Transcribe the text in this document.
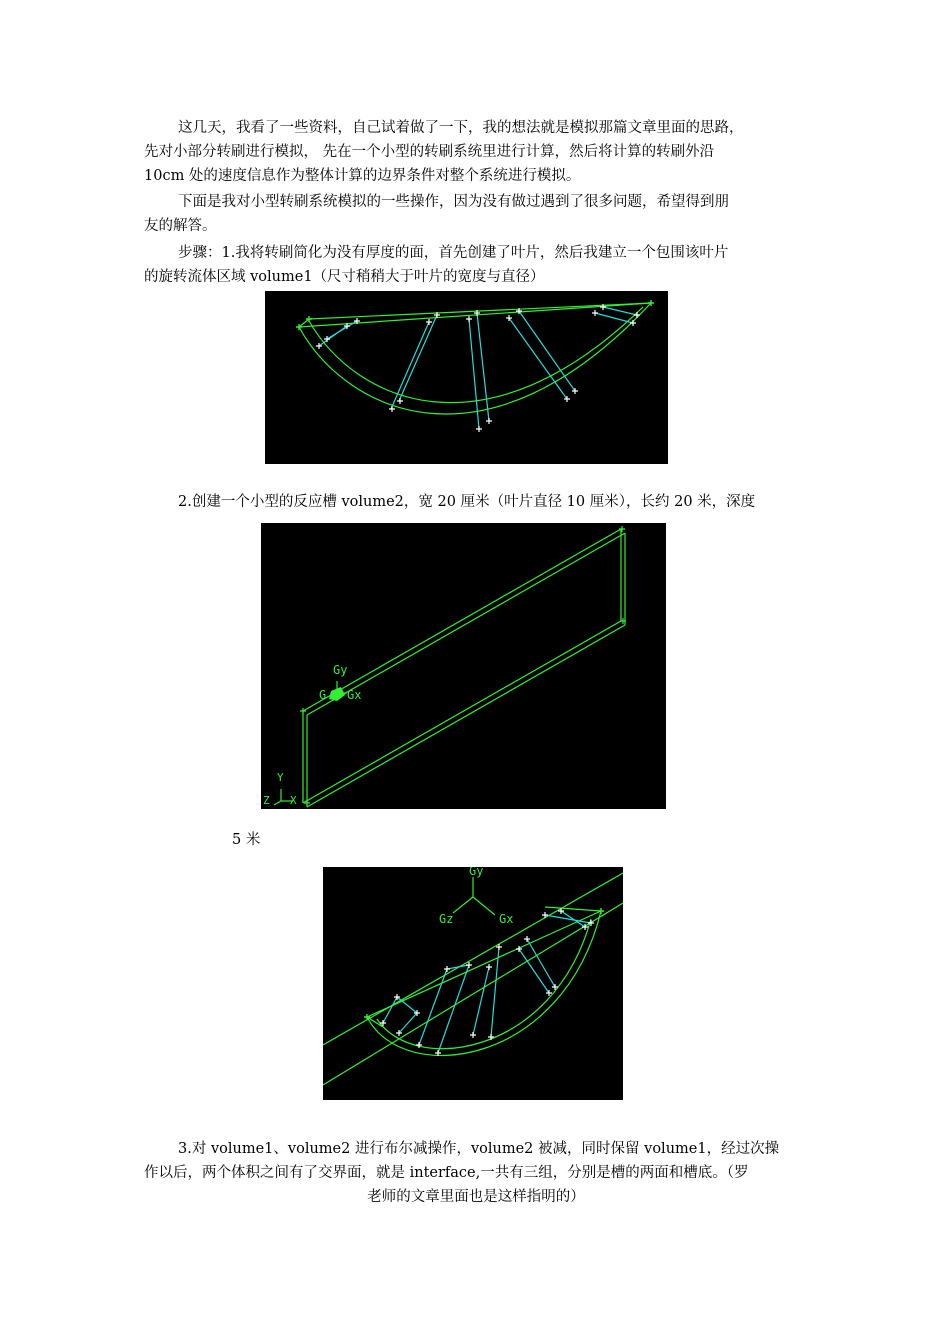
这几天，我看了一些资料，自己试着做了一下，我的想法就是模拟那篇文章里面的思路，
先对小部分转刷进行模拟， 先在一个小型的转刷系统里进行计算，然后将计算的转刷外沿
10cm 处的速度信息作为整体计算的边界条件对整个系统进行模拟。

下面是我对小型转刷系统模拟的一些操作，因为没有做过遇到了很多问题，希望得到朋
友的解答。

步骤：1.我将转刷简化为没有厚度的面，首先创建了叶片，然后我建立一个包围该叶片
的旋转流体区域 volume1（尺寸稍稍大于叶片的宽度与直径）

2.创建一个小型的反应槽 volume2，宽 20 厘米（叶片直径 10 厘米），长约 20 米，深度

Gy
Gx
G
Y
Z X

5 米

Gy
Gz	Gx

3.对 volume1、volume2 进行布尔减操作，volume2 被减，同时保留 volume1，经过次操
作以后，两个体积之间有了交界面，就是 interface,一共有三组，分别是槽的两面和槽底。（罗
老师的文章里面也是这样指明的）
